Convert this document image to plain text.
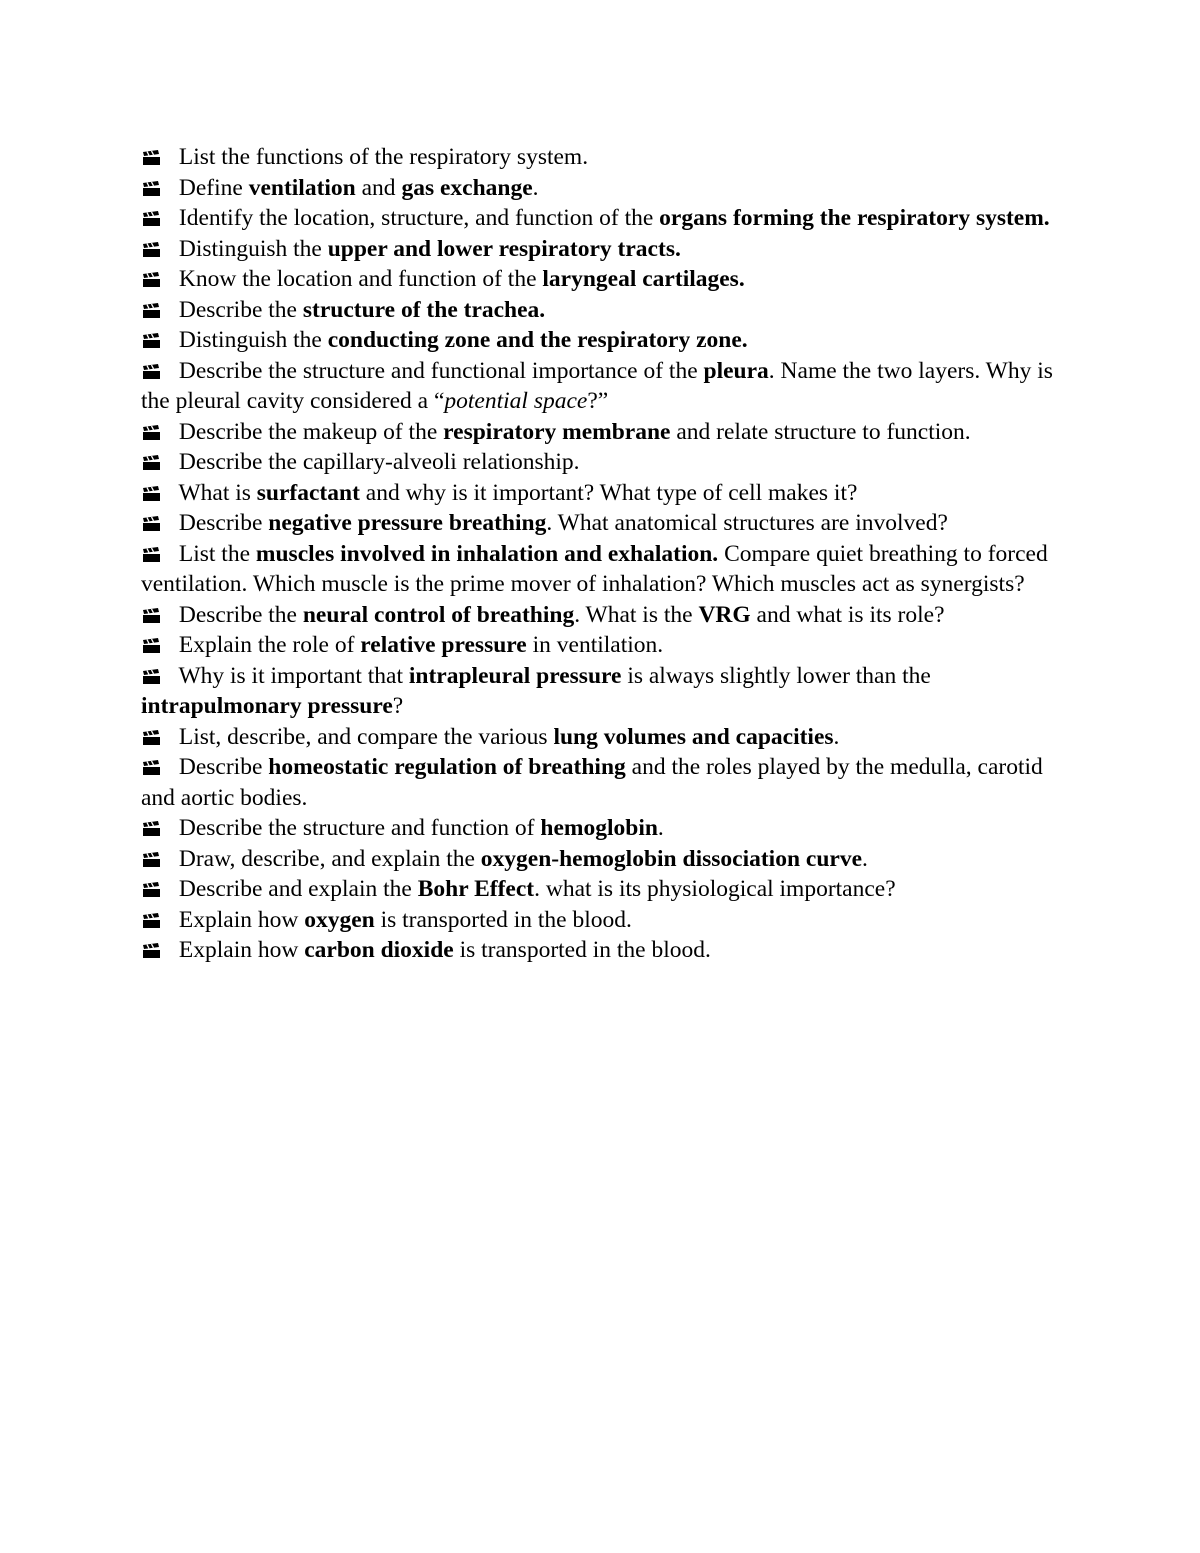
List the functions of the respiratory system.
Define ventilation and gas exchange.
Identify the location, structure, and function of the organs forming the respiratory system.
Distinguish the upper and lower respiratory tracts.
Know the location and function of the laryngeal cartilages.
Describe the structure of the trachea.
Distinguish the conducting zone and the respiratory zone.
Describe the structure and functional importance of the pleura. Name the two layers. Why is the pleural cavity considered a “potential space?”
Describe the makeup of the respiratory membrane and relate structure to function.
Describe the capillary-alveoli relationship.
What is surfactant and why is it important? What type of cell makes it?
Describe negative pressure breathing. What anatomical structures are involved?
List the muscles involved in inhalation and exhalation. Compare quiet breathing to forced ventilation. Which muscle is the prime mover of inhalation? Which muscles act as synergists?
Describe the neural control of breathing. What is the VRG and what is its role?
Explain the role of relative pressure in ventilation.
Why is it important that intrapleural pressure is always slightly lower than the intrapulmonary pressure?
List, describe, and compare the various lung volumes and capacities.
Describe homeostatic regulation of breathing and the roles played by the medulla, carotid and aortic bodies.
Describe the structure and function of hemoglobin.
Draw, describe, and explain the oxygen-hemoglobin dissociation curve.
Describe and explain the Bohr Effect. what is its physiological importance?
Explain how oxygen is transported in the blood.
Explain how carbon dioxide is transported in the blood.
